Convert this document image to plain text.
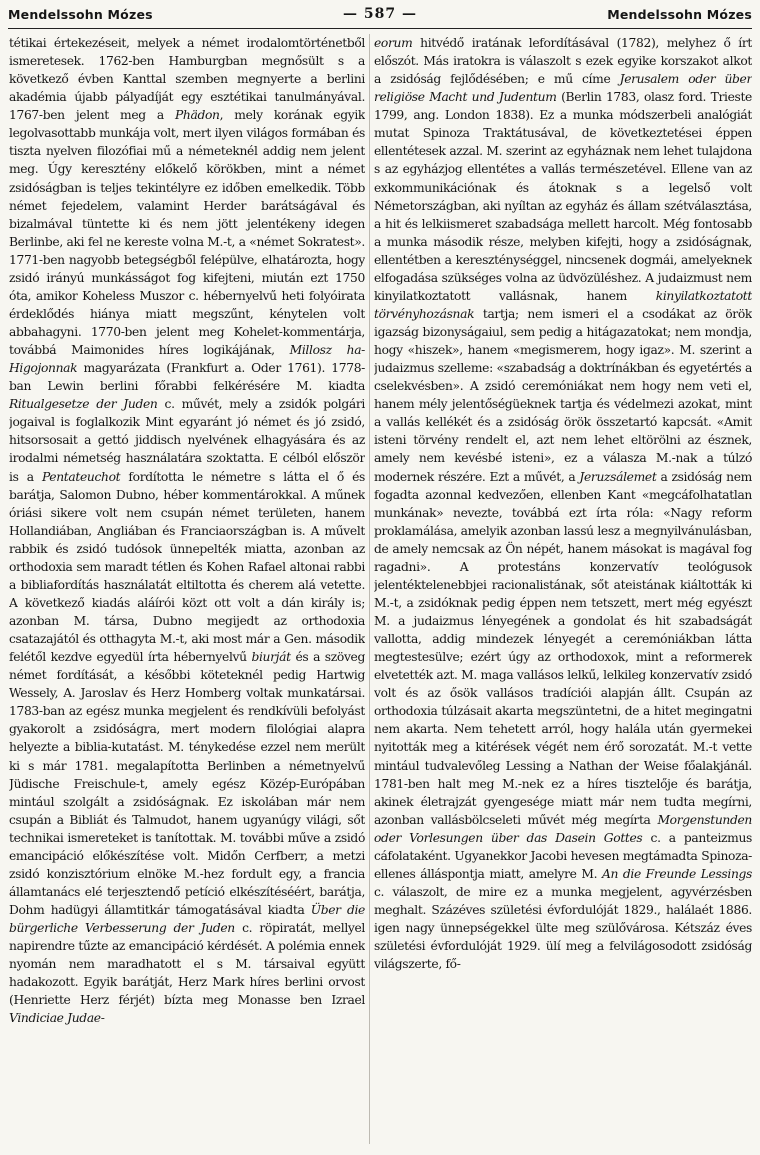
Mendelssohn Mózes	— 587 —	Mendelssohn Mózes

tétikai értekezéseit, melyek a német irodalomtörténetből ismeretesek. 1762-ben Hamburgban megnősült s a következő évben Kanttal szemben megnyerte a berlini akadémia újabb pályadíját egy esztétikai tanulmányával. 1767-ben jelent meg a Phädon, mely korának egyik legolvasottabb munkája volt, mert ilyen világos formában és tiszta nyelven filozófiai mű a németeknél addig nem jelent meg. Úgy keresztény előkelő körökben, mint a német zsidóságban is teljes tekintélyre ez időben emelkedik. Több német fejedelem, valamint Herder barátságával és bizalmával tüntette ki és nem jött jelentékeny idegen Berlinbe, aki fel ne kereste volna M.-t, a «német Sokratest». 1771-ben nagyobb betegségből felépülve, elhatározta, hogy zsidó irányú munkásságot fog kifejteni, miután ezt 1750 óta, amikor Koheless Muszor c. hébernyelvű heti folyóirata érdeklődés hiánya miatt megszűnt, kénytelen volt abbahagyni. 1770-ben jelent meg Kohelet-kommentárja, továbbá Maimonides híres logikájának, Millosz ha-Higojonnak magyarázata (Frankfurt a. Oder 1761). 1778-ban Lewin berlini főrabbi felkérésére M. kiadta Ritualgesetze der Juden c. művét, mely a zsidók polgári jogaival is foglalkozik Mint egyaránt jó német és jó zsidó, hitsorsosait a gettó jiddisch nyelvének elhagyására és az irodalmi németség használatára szoktatta. E célból először is a Pentateuchot fordította le németre s látta el ő és barátja, Salomon Dubno, héber kommentárokkal. A műnek óriási sikere volt nem csupán német területen, hanem Hollandiában, Angliában és Franciaországban is. A művelt rabbik és zsidó tudósok ünnepelték miatta, azonban az orthodoxia sem maradt tétlen és Kohen Rafael altonai rabbi a bibliafordítás használatát eltiltotta és cherem alá vetette. A következő kiadás aláírói közt ott volt a dán király is; azonban M. társa, Dubno megijedt az orthodoxia csatazajától és otthagyta M.-t, aki most már a Gen. második felétől kezdve egyedül írta hébernyelvű biurját és a szöveg német fordítását, a későbbi köteteknél pedig Hartwig Wessely, A. Jaroslav és Herz Homberg voltak munkatársai. 1783-ban az egész munka megjelent és rendkívüli befolyást gyakorolt a zsidóságra, mert modern filológiai alapra helyezte a biblia-kutatást. M. ténykedése ezzel nem merült ki s már 1781. megalapította Berlinben a németnyelvű Jüdische Freischule-t, amely egész Közép-Európában mintául szolgált a zsidóságnak. Ez iskolában már nem csupán a Bibliát és Talmudot, hanem ugyanúgy világi, sőt technikai ismereteket is tanítottak. M. további műve a zsidó emancipáció előkészítése volt. Midőn Cerfberr, a metzi zsidó konzisztórium elnöke M.-hez fordult egy, a francia államtanács elé terjesztendő petíció elkészítéséért, barátja, Dohm hadügyi államtitkár támogatásával kiadta Über die bürgerliche Verbesserung der Juden c. röpiratát, mellyel napirendre tűzte az emancipáció kérdését. A polémia ennek nyomán nem maradhatott el s M. társaival együtt hadakozott. Egyik barátját, Herz Mark híres berlini orvost (Henriette Herz férjét) bízta meg Monasse ben Izrael Vindiciae Judae-

eorum hitvédő iratának lefordításával (1782), melyhez ő írt előszót. Más iratokra is válaszolt s ezek egyike korszakot alkot a zsidóság fejlődésében; e mű címe Jerusalem oder über religiöse Macht und Judentum (Berlin 1783, olasz ford. Trieste 1799, ang. London 1838). Ez a munka módszerbeli analógiát mutat Spinoza Traktátusával, de következtetései éppen ellentétesek azzal. M. szerint az egyháznak nem lehet tulajdona s az egyházjog ellentétes a vallás természetével. Ellene van az exkommunikációnak és átoknak s a legelső volt Németországban, aki nyíltan az egyház és állam szétválasztása, a hit és lelkiismeret szabadsága mellett harcolt. Még fontosabb a munka második része, melyben kifejti, hogy a zsidóságnak, ellentétben a kereszténységgel, nincsenek dogmái, amelyeknek elfogadása szükséges volna az üdvözüléshez. A judaizmust nem kinyilatkoztatott vallásnak, hanem kinyilatkoztatott törvényhozásnak tartja; nem ismeri el a csodákat az örök igazság bizonyságaiul, sem pedig a hitágazatokat; nem mondja, hogy «hiszek», hanem «megismerem, hogy igaz». M. szerint a judaizmus szelleme: «szabadság a doktrínákban és egyetértés a cselekvésben». A zsidó ceremóniákat nem hogy nem veti el, hanem mély jelentőségüeknek tartja és védelmezi azokat, mint a vallás kellékét és a zsidóság örök összetartó kapcsát. «Amit isteni törvény rendelt el, azt nem lehet eltörölni az észnek, amely nem kevésbé isteni», ez a válasza M.-nak a túlzó modernek részére. Ezt a művét, a Jeruzsálemet a zsidóság nem fogadta azonnal kedvezően, ellenben Kant «megcáfolhatatlan munkának» nevezte, továbbá ezt írta róla: «Nagy reform proklamálása, amelyik azonban lassú lesz a megnyilvánulásban, de amely nemcsak az Ön népét, hanem másokat is magával fog ragadni». A protestáns konzervatív teológusok jelentéktelenebbjei racionalistának, sőt ateistának kiáltották ki M.-t, a zsidóknak pedig éppen nem tetszett, mert még egyészt M. a judaizmus lényegének a gondolat és hit szabadságát vallotta, addig mindezek lényegét a ceremóniákban látta megtestesülve; ezért úgy az orthodoxok, mint a reformerek elvetették azt. M. maga vallásos lelkű, lelkileg konzervatív zsidó volt és az ősök vallásos tradíciói alapján állt. Csupán az orthodoxia túlzásait akarta megszüntetni, de a hitet megingatni nem akarta. Nem tehetett arról, hogy halála után gyermekei nyitották meg a kitérések végét nem érő sorozatát. M.-t vette mintául tudvalevőleg Lessing a Nathan der Weise főalakjánál. 1781-ben halt meg M.-nek ez a híres tisztelője és barátja, akinek életrajzát gyengesége miatt már nem tudta megírni, azonban vallásbölcseleti művét még megírta Morgenstunden oder Vorlesungen über das Dasein Gottes c. a panteizmus cáfolataként. Ugyanekkor Jacobi hevesen megtámadta Spinoza-ellenes álláspontja miatt, amelyre M. An die Freunde Lessings c. válaszolt, de mire ez a munka megjelent, agyvérzésben meghalt. Százéves születési évfordulóját 1829., halálaét 1886. igen nagy ünnepségekkel ülte meg szülővárosa. Kétszáz éves születési évfordulóját 1929. ülí meg a felvilágosodott zsidóság világszerte, fő-
